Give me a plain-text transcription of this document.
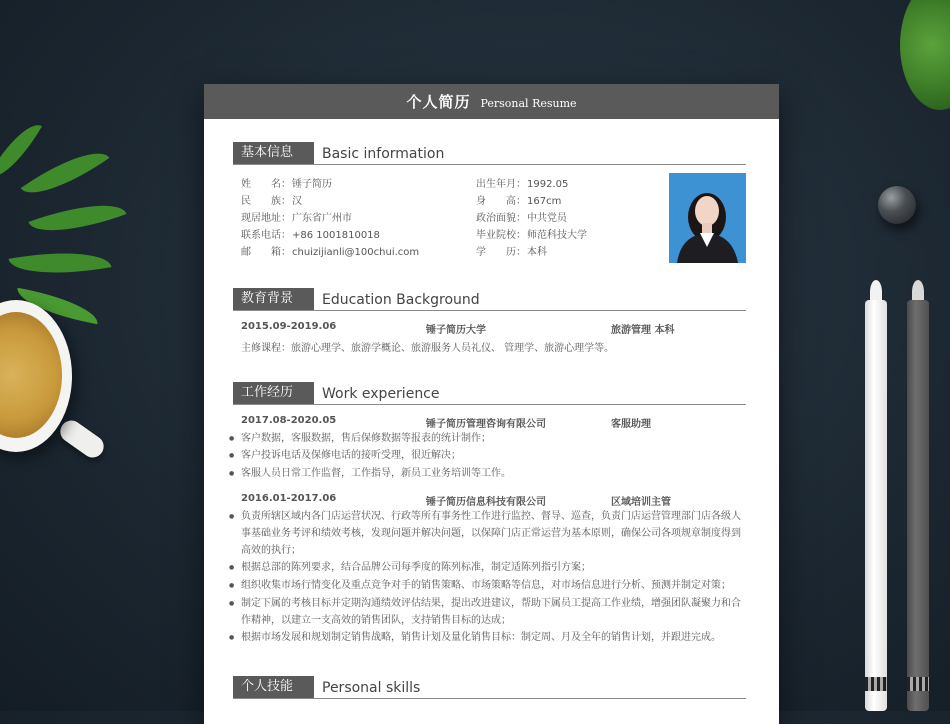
个人简历 Personal Resume
基本信息	Basic information
姓　　名：锤子简历
民　　族：汉
现居地址：广东省广州市
联系电话：+86 1001810018
邮　　箱：chuizijianli@100chui.com
出生年月：1992.05
身　　高：167cm
政治面貌：中共党员
毕业院校：师范科技大学
学　　历：本科
教育背景	Education Background
2015.09-2019.06	锤子简历大学	旅游管理 本科
主修课程：旅游心理学、旅游学概论、旅游服务人员礼仪、 管理学、旅游心理学等。
工作经历	Work experience
2017.08-2020.05	锤子简历管理咨询有限公司	客服助理
● 客户数据，客服数据，售后保修数据等报表的统计制作；
● 客户投诉电话及保修电话的接听受理，很近解决；
● 客服人员日常工作监督，工作指导，新员工业务培训等工作。
2016.01-2017.06	锤子简历信息科技有限公司	区域培训主管
● 负责所辖区域内各门店运营状况、行政等所有事务性工作进行监控、督导、巡查，负责门店运营管理部门店各级人事基础业务考评和绩效考核，发现问题并解决问题，以保障门店正常运营为基本原则，确保公司各项规章制度得到高效的执行；
● 根据总部的陈列要求，结合品牌公司每季度的陈列标准，制定适陈列指引方案；
● 组织收集市场行情变化及重点竞争对手的销售策略、市场策略等信息，对市场信息进行分析、预测并制定对策；
● 制定下属的考核目标并定期沟通绩效评估结果，提出改进建议，帮助下属员工提高工作业绩，增强团队凝聚力和合作精神，以建立一支高效的销售团队，支持销售目标的达成；
● 根据市场发展和规划制定销售战略，销售计划及量化销售目标：制定周、月及全年的销售计划，并跟进完成。
个人技能	Personal skills
